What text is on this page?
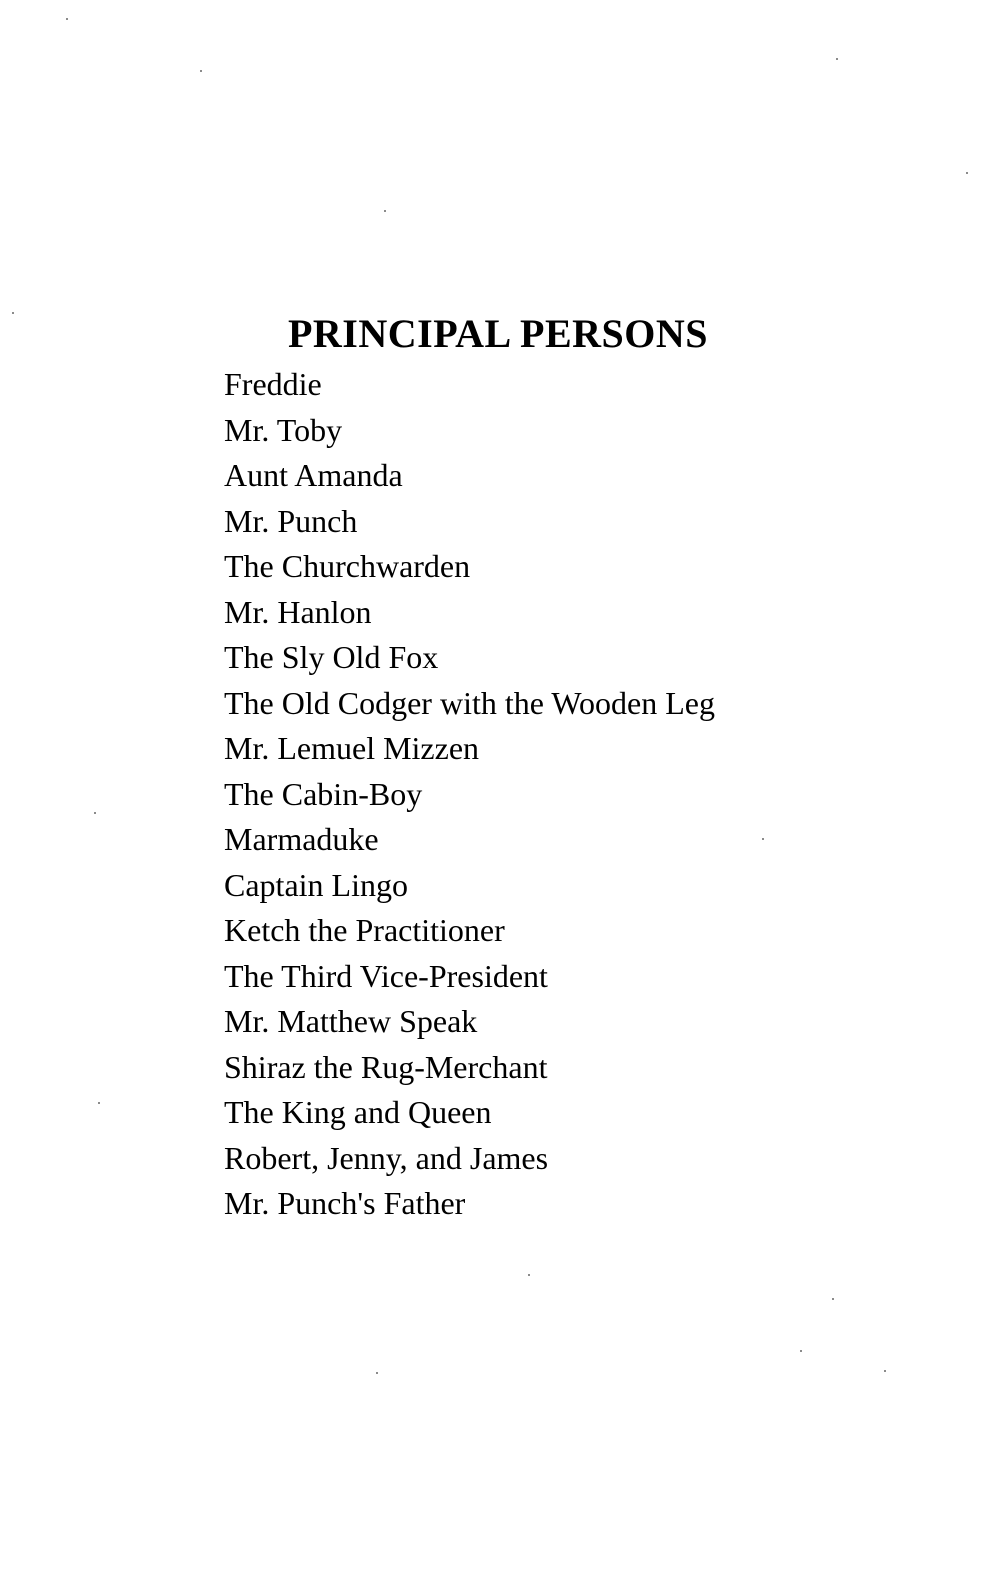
PRINCIPAL PERSONS
Freddie
Mr. Toby
Aunt Amanda
Mr. Punch
The Churchwarden
Mr. Hanlon
The Sly Old Fox
The Old Codger with the Wooden Leg
Mr. Lemuel Mizzen
The Cabin-Boy
Marmaduke
Captain Lingo
Ketch the Practitioner
The Third Vice-President
Mr. Matthew Speak
Shiraz the Rug-Merchant
The King and Queen
Robert, Jenny, and James
Mr. Punch's Father
